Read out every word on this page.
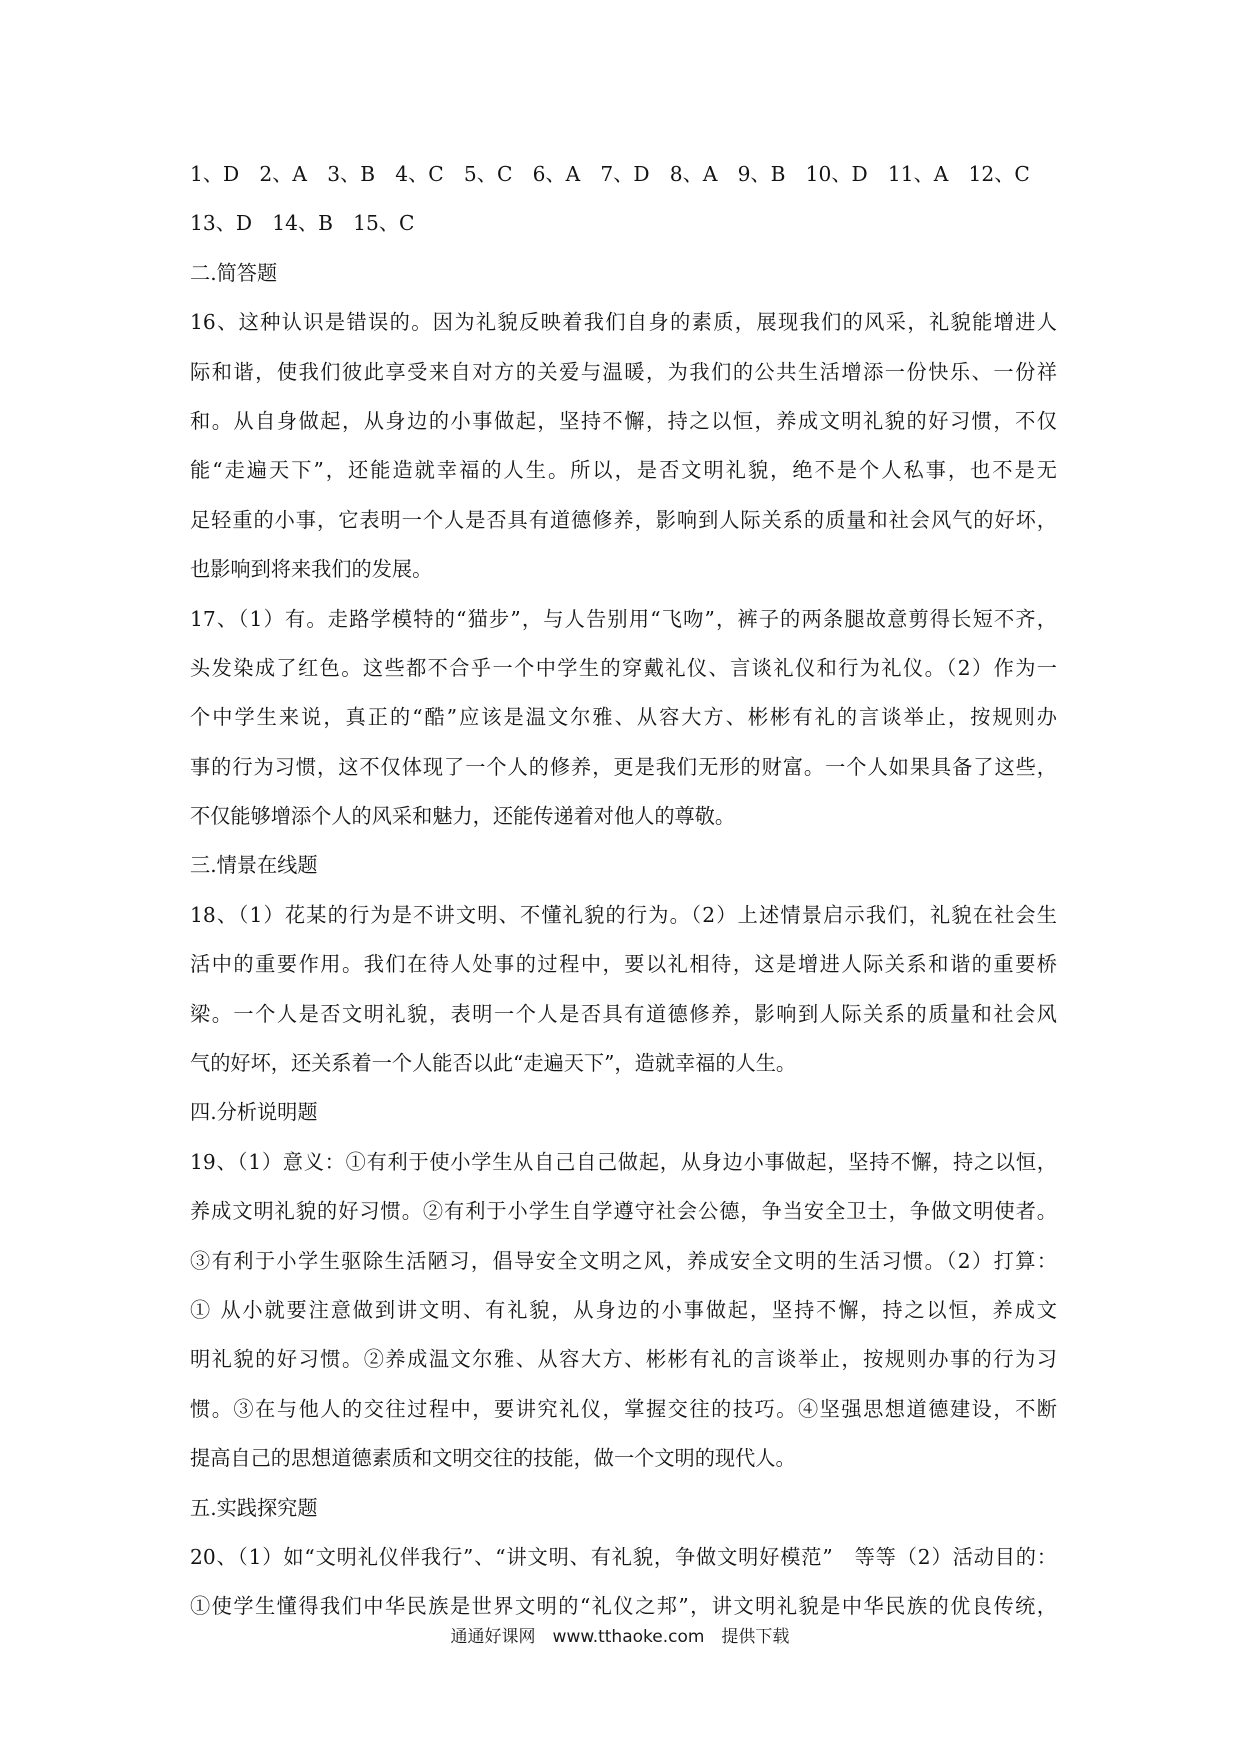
1、D　2、A　3、B　4、C　5、C　6、A　7、D　8、A　9、B　10、D　11、A　12、C
13、D　14、B　15、C
二.简答题
16、这种认识是错误的。因为礼貌反映着我们自身的素质，展现我们的风采，礼貌能增进人
际和谐，使我们彼此享受来自对方的关爱与温暖，为我们的公共生活增添一份快乐、一份祥
和。从自身做起，从身边的小事做起，坚持不懈，持之以恒，养成文明礼貌的好习惯，不仅
能“走遍天下”，还能造就幸福的人生。所以，是否文明礼貌，绝不是个人私事，也不是无
足轻重的小事，它表明一个人是否具有道德修养，影响到人际关系的质量和社会风气的好坏，
也影响到将来我们的发展。
17、（1）有。走路学模特的“猫步”，与人告别用“飞吻”，裤子的两条腿故意剪得长短不齐，
头发染成了红色。这些都不合乎一个中学生的穿戴礼仪、言谈礼仪和行为礼仪。（2）作为一
个中学生来说，真正的“酷”应该是温文尔雅、从容大方、彬彬有礼的言谈举止，按规则办
事的行为习惯，这不仅体现了一个人的修养，更是我们无形的财富。一个人如果具备了这些，
不仅能够增添个人的风采和魅力，还能传递着对他人的尊敬。
三.情景在线题
18、（1）花某的行为是不讲文明、不懂礼貌的行为。（2）上述情景启示我们，礼貌在社会生
活中的重要作用。我们在待人处事的过程中，要以礼相待，这是增进人际关系和谐的重要桥
梁。一个人是否文明礼貌，表明一个人是否具有道德修养，影响到人际关系的质量和社会风
气的好坏，还关系着一个人能否以此“走遍天下”，造就幸福的人生。
四.分析说明题
19、（1）意义：①有利于使小学生从自己自己做起，从身边小事做起，坚持不懈，持之以恒，
养成文明礼貌的好习惯。②有利于小学生自学遵守社会公德，争当安全卫士，争做文明使者。
③有利于小学生驱除生活陋习，倡导安全文明之风，养成安全文明的生活习惯。（2）打算：
① 从小就要注意做到讲文明、有礼貌，从身边的小事做起，坚持不懈，持之以恒，养成文
明礼貌的好习惯。②养成温文尔雅、从容大方、彬彬有礼的言谈举止，按规则办事的行为习
惯。③在与他人的交往过程中，要讲究礼仪，掌握交往的技巧。④坚强思想道德建设，不断
提高自己的思想道德素质和文明交往的技能，做一个文明的现代人。
五.实践探究题
20、（1）如“文明礼仪伴我行”、“讲文明、有礼貌，争做文明好模范”　等等（2）活动目的：
①使学生懂得我们中华民族是世界文明的“礼仪之邦”，讲文明礼貌是中华民族的优良传统，
通通好课网　www.tthaoke.com　提供下载
